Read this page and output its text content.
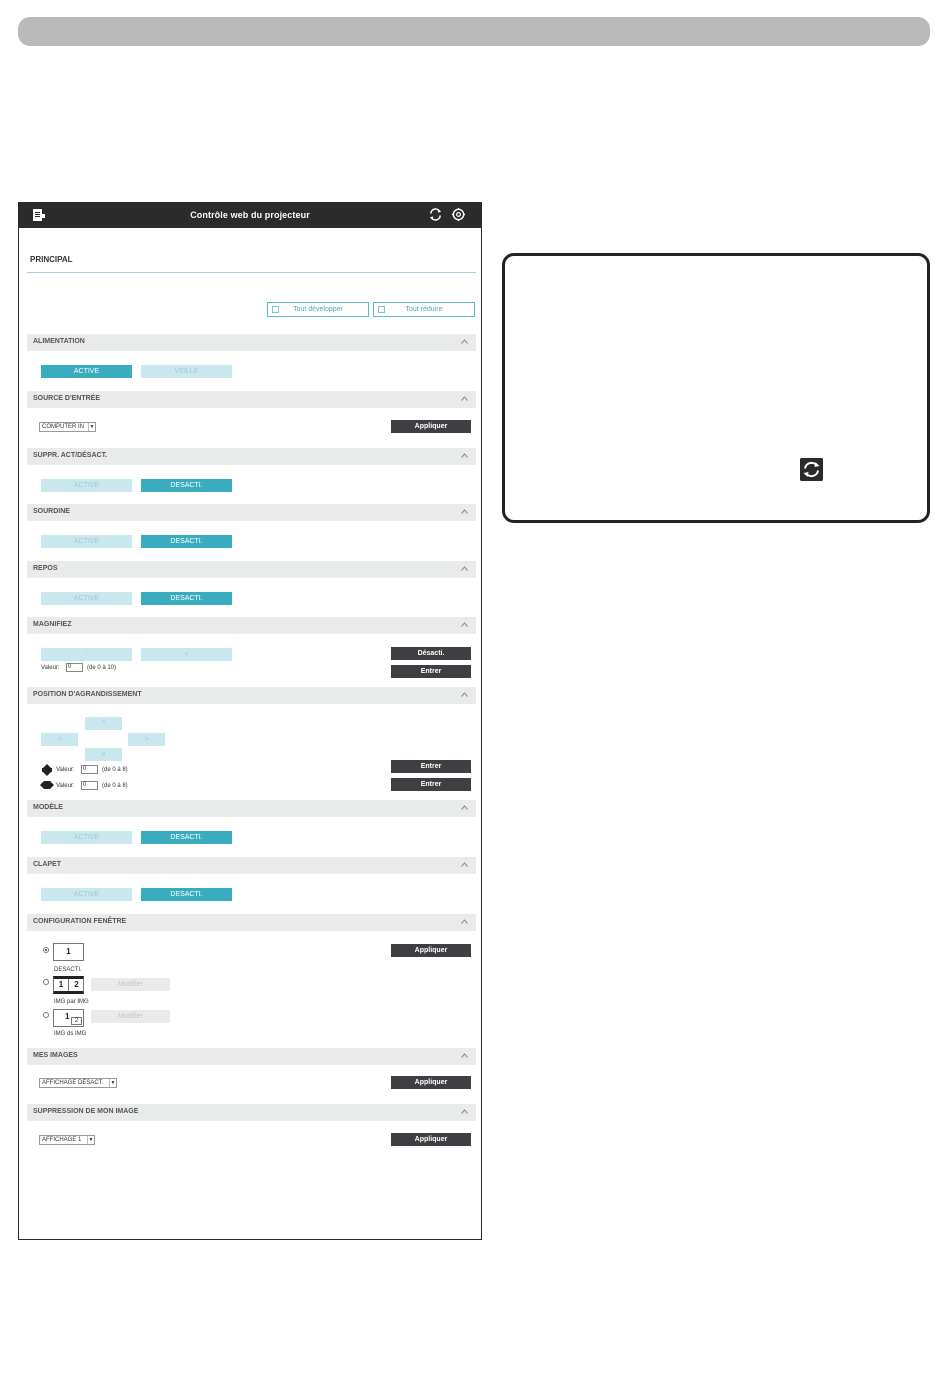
Contrôle web du projecteur
PRINCIPAL
Tout développer	Tout réduire
ALIMENTATION
ACTIVE	VEILLE
SOURCE D'ENTRÉE
COMPUTER IN	▼	Appliquer
SUPPR. ACT/DÉSACT.
ACTIVE	DESACTI.
SOURDINE
ACTIVE	DESACTI.
REPOS
ACTIVE	DESACTI.
MAGNIFIEZ
-	+
Valeur:	0	(de 0 à 10)
Désacti.
Entrer
POSITION D'AGRANDISSEMENT
^
<	>
v
Valeur:	0	(de 0 à 8)	Entrer
Valeur:	0	(de 0 à 8)	Entrer
MODÈLE
ACTIVE	DESACTI.
CLAPET
ACTIVE	DESACTI.
CONFIGURATION FENÊTRE
1
DESACTI.
Appliquer
1	2	Modifier
IMG par IMG
1 2
Modifier
IMG ds IMG
MES IMAGES
AFFICHAGE DÉSACT.	▼	Appliquer
SUPPRESSION DE MON IMAGE
AFFICHAGE 1	▼	Appliquer
